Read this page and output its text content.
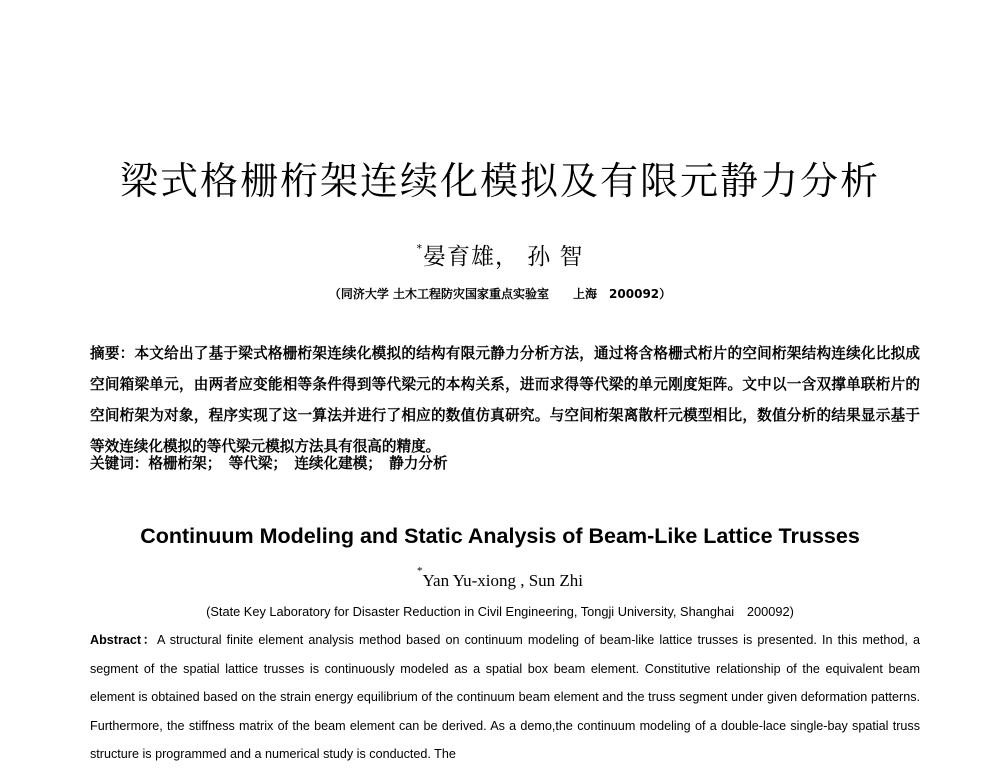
梁式格栅桁架连续化模拟及有限元静力分析
*晏育雄， 孙 智
（同济大学 土木工程防灾国家重点实验室　　上海　200092）
摘要：本文给出了基于梁式格栅桁架连续化模拟的结构有限元静力分析方法，通过将含格栅式桁片的空间桁架结构连续化比拟成空间箱梁单元，由两者应变能相等条件得到等代梁元的本构关系，进而求得等代梁的单元刚度矩阵。文中以一含双撑单联桁片的空间桁架为对象，程序实现了这一算法并进行了相应的数值仿真研究。与空间桁架离散杆元模型相比，数值分析的结果显示基于等效连续化模拟的等代梁元模拟方法具有很高的精度。
关键词：格栅桁架；　等代梁；　连续化建模；　静力分析
Continuum Modeling and Static Analysis of Beam-Like Lattice Trusses
*Yan Yu-xiong , Sun Zhi
(State Key Laboratory for Disaster Reduction in Civil Engineering, Tongji University, Shanghai　200092)
Abstract：A structural finite element analysis method based on continuum modeling of beam-like lattice trusses is presented. In this method, a segment of the spatial lattice trusses is continuously modeled as a spatial box beam element. Constitutive relationship of the equivalent beam element is obtained based on the strain energy equilibrium of the continuum beam element and the truss segment under given deformation patterns. Furthermore, the stiffness matrix of the beam element can be derived. As a demo,the continuum modeling of a double-lace single-bay spatial truss structure is programmed and a numerical study is conducted. The
